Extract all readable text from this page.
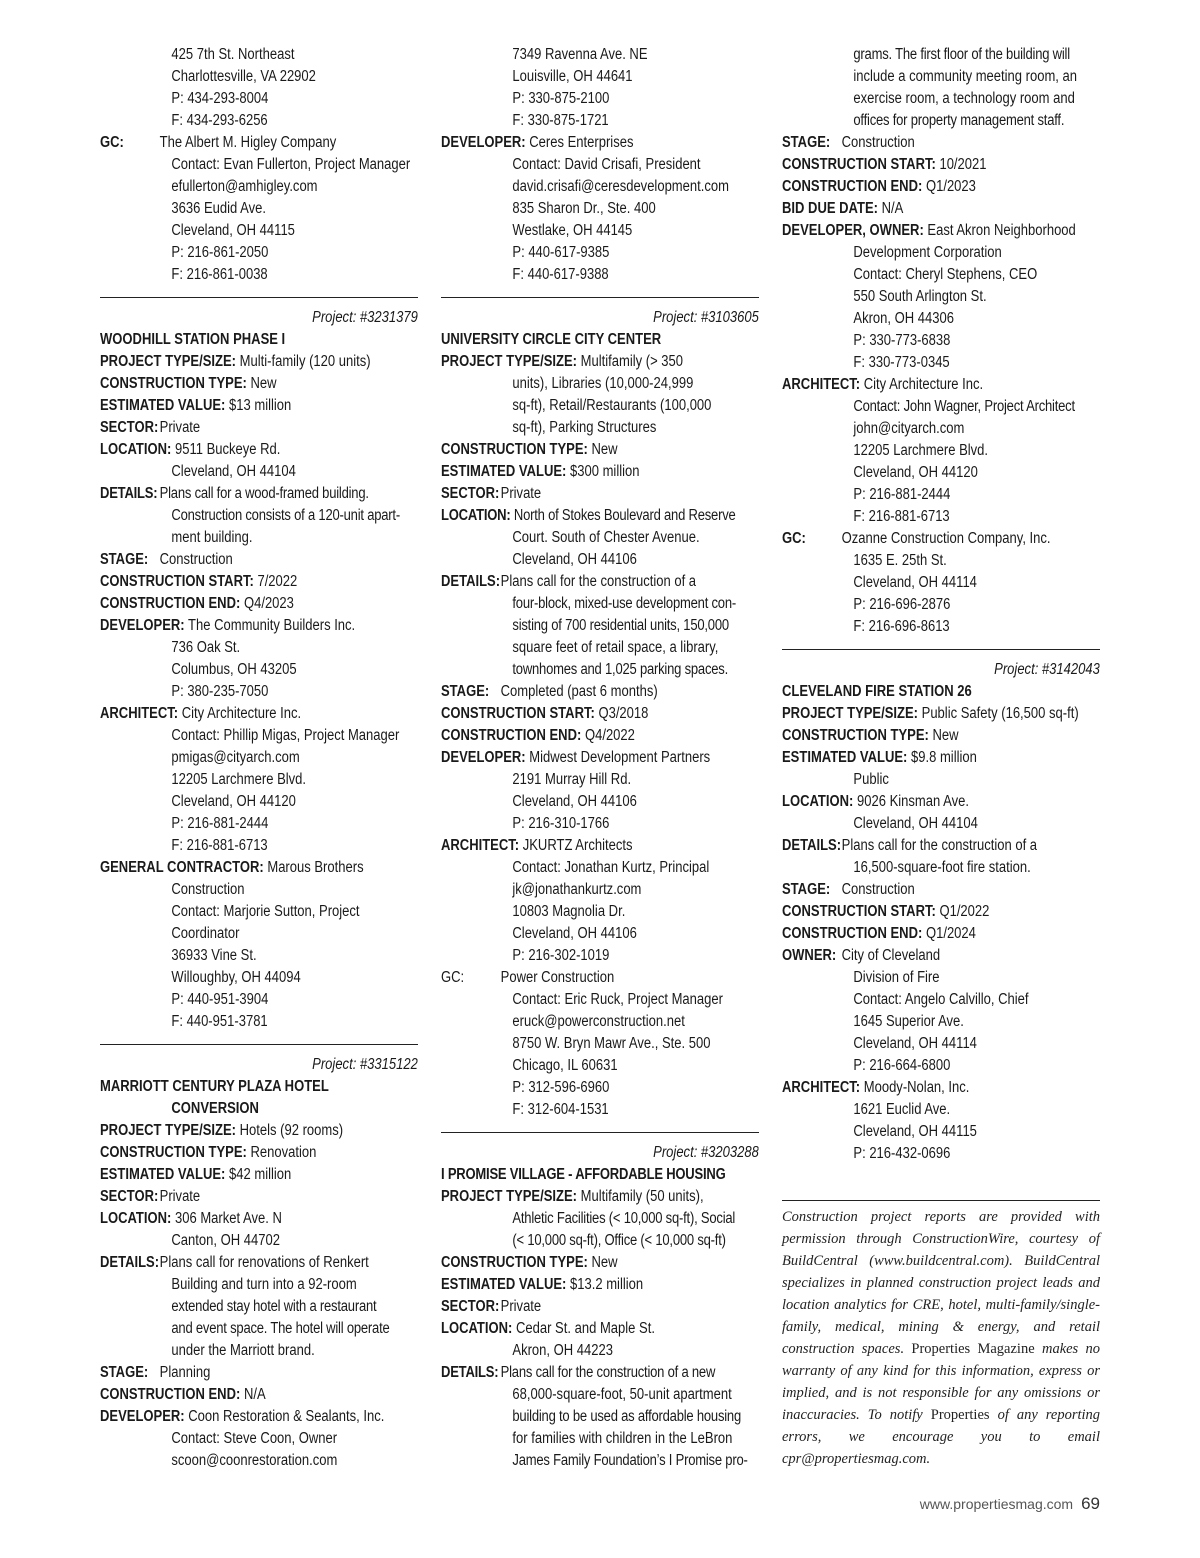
425 7th St. Northeast
Charlottesville, VA 22902
P: 434-293-8004
F: 434-293-6256
GC: The Albert M. Higley Company
Contact: Evan Fullerton, Project Manager
efullerton@amhigley.com
3636 Eudid Ave.
Cleveland, OH 44115
P: 216-861-2050
F: 216-861-0038
Project: #3231379
WOODHILL STATION PHASE I
PROJECT TYPE/SIZE: Multi-family (120 units)
CONSTRUCTION TYPE: New
ESTIMATED VALUE: $13 million
SECTOR:Private
LOCATION: 9511 Buckeye Rd.
Cleveland, OH 44104
DETAILS: Plans call for a wood-framed building.
Construction consists of a 120-unit apart-
ment building.
STAGE: Construction
CONSTRUCTION START: 7/2022
CONSTRUCTION END: Q4/2023
DEVELOPER: The Community Builders Inc.
736 Oak St.
Columbus, OH 43205
P: 380-235-7050
ARCHITECT: City Architecture Inc.
Contact: Phillip Migas, Project Manager
pmigas@cityarch.com
12205 Larchmere Blvd.
Cleveland, OH 44120
P: 216-881-2444
F: 216-881-6713
GENERAL CONTRACTOR: Marous Brothers
Construction
Contact: Marjorie Sutton, Project
Coordinator
36933 Vine St.
Willoughby, OH 44094
P: 440-951-3904
F: 440-951-3781
Project: #3315122
MARRIOTT CENTURY PLAZA HOTEL
CONVERSION
PROJECT TYPE/SIZE: Hotels (92 rooms)
CONSTRUCTION TYPE: Renovation
ESTIMATED VALUE: $42 million
SECTOR:Private
LOCATION: 306 Market Ave. N
Canton, OH 44702
DETAILS:Plans call for renovations of Renkert
Building and turn into a 92-room
extended stay hotel with a restaurant
and event space. The hotel will operate
under the Marriott brand.
STAGE: Planning
CONSTRUCTION END: N/A
DEVELOPER: Coon Restoration & Sealants, Inc.
Contact: Steve Coon, Owner
scoon@coonrestoration.com
7349 Ravenna Ave. NE
Louisville, OH 44641
P: 330-875-2100
F: 330-875-1721
DEVELOPER: Ceres Enterprises
Contact: David Crisafi, President
david.crisafi@ceresdevelopment.com
835 Sharon Dr., Ste. 400
Westlake, OH 44145
P: 440-617-9385
F: 440-617-9388
Project: #3103605
UNIVERSITY CIRCLE CITY CENTER
PROJECT TYPE/SIZE: Multifamily (> 350
units), Libraries (10,000-24,999
sq-ft), Retail/Restaurants (100,000
sq-ft), Parking Structures
CONSTRUCTION TYPE: New
ESTIMATED VALUE: $300 million
SECTOR:Private
LOCATION: North of Stokes Boulevard and Reserve
Court. South of Chester Avenue.
Cleveland, OH 44106
DETAILS:Plans call for the construction of a
four-block, mixed-use development con-
sisting of 700 residential units, 150,000
square feet of retail space, a library,
townhomes and 1,025 parking spaces.
STAGE: Completed (past 6 months)
CONSTRUCTION START: Q3/2018
CONSTRUCTION END: Q4/2022
DEVELOPER: Midwest Development Partners
2191 Murray Hill Rd.
Cleveland, OH 44106
P: 216-310-1766
ARCHITECT: JKURTZ Architects
Contact: Jonathan Kurtz, Principal
jk@jonathankurtz.com
10803 Magnolia Dr.
Cleveland, OH 44106
P: 216-302-1019
GC: Power Construction
Contact: Eric Ruck, Project Manager
eruck@powerconstruction.net
8750 W. Bryn Mawr Ave., Ste. 500
Chicago, IL 60631
P: 312-596-6960
F: 312-604-1531
Project: #3203288
I PROMISE VILLAGE - AFFORDABLE HOUSING
PROJECT TYPE/SIZE: Multifamily (50 units),
Athletic Facilities (< 10,000 sq-ft), Social
(< 10,000 sq-ft), Office (< 10,000 sq-ft)
CONSTRUCTION TYPE: New
ESTIMATED VALUE: $13.2 million
SECTOR:Private
LOCATION: Cedar St. and Maple St.
Akron, OH 44223
DETAILS: Plans call for the construction of a new
68,000-square-foot, 50-unit apartment
building to be used as affordable housing
for families with children in the LeBron
James Family Foundation’s I Promise pro-
grams. The first floor of the building will
include a community meeting room, an
exercise room, a technology room and
offices for property management staff.
STAGE: Construction
CONSTRUCTION START: 10/2021
CONSTRUCTION END: Q1/2023
BID DUE DATE: N/A
DEVELOPER, OWNER: East Akron Neighborhood
Development Corporation
Contact: Cheryl Stephens, CEO
550 South Arlington St.
Akron, OH 44306
P: 330-773-6838
F: 330-773-0345
ARCHITECT: City Architecture Inc.
Contact: John Wagner, Project Architect
john@cityarch.com
12205 Larchmere Blvd.
Cleveland, OH 44120
P: 216-881-2444
F: 216-881-6713
GC: Ozanne Construction Company, Inc.
1635 E. 25th St.
Cleveland, OH 44114
P: 216-696-2876
F: 216-696-8613
Project: #3142043
CLEVELAND FIRE STATION 26
PROJECT TYPE/SIZE: Public Safety (16,500 sq-ft)
CONSTRUCTION TYPE: New
ESTIMATED VALUE: $9.8 million
Public
LOCATION: 9026 Kinsman Ave.
Cleveland, OH 44104
DETAILS:Plans call for the construction of a
16,500-square-foot fire station.
STAGE: Construction
CONSTRUCTION START: Q1/2022
CONSTRUCTION END: Q1/2024
OWNER: City of Cleveland
Division of Fire
Contact: Angelo Calvillo, Chief
1645 Superior Ave.
Cleveland, OH 44114
P: 216-664-6800
ARCHITECT: Moody-Nolan, Inc.
1621 Euclid Ave.
Cleveland, OH 44115
P: 216-432-0696

Construction project reports are provided with permission through ConstructionWire, courtesy of BuildCentral (www.buildcentral.com). BuildCentral specializes in planned construction project leads and location analytics for CRE, hotel, multi-family/single-family, medical, mining & energy, and retail construction spaces. Properties Magazine makes no warranty of any kind for this information, express or implied, and is not responsible for any omissions or inaccuracies. To notify Properties of any reporting errors, we encourage you to email cpr@propertiesmag.com.

www.propertiesmag.com 69
